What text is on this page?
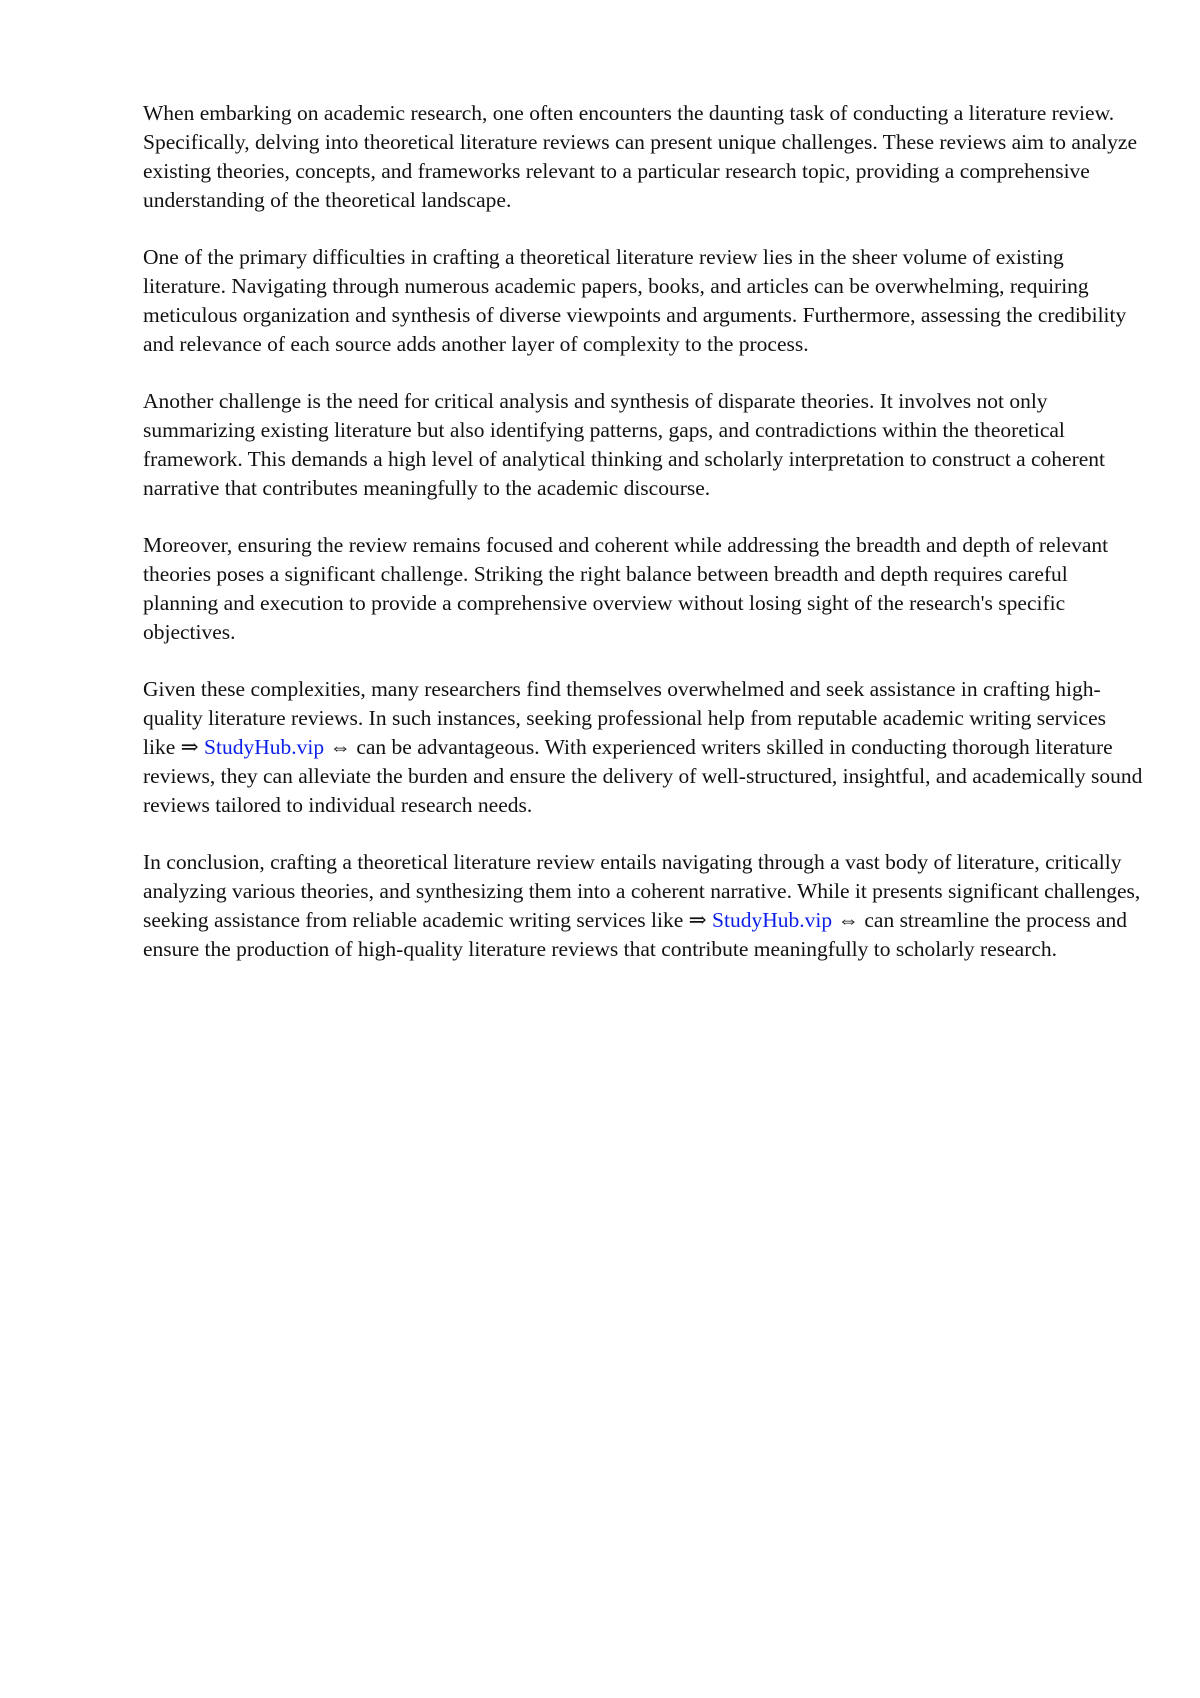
When embarking on academic research, one often encounters the daunting task of conducting a literature review. Specifically, delving into theoretical literature reviews can present unique challenges. These reviews aim to analyze existing theories, concepts, and frameworks relevant to a particular research topic, providing a comprehensive understanding of the theoretical landscape.

One of the primary difficulties in crafting a theoretical literature review lies in the sheer volume of existing literature. Navigating through numerous academic papers, books, and articles can be overwhelming, requiring meticulous organization and synthesis of diverse viewpoints and arguments. Furthermore, assessing the credibility and relevance of each source adds another layer of complexity to the process.

Another challenge is the need for critical analysis and synthesis of disparate theories. It involves not only summarizing existing literature but also identifying patterns, gaps, and contradictions within the theoretical framework. This demands a high level of analytical thinking and scholarly interpretation to construct a coherent narrative that contributes meaningfully to the academic discourse.

Moreover, ensuring the review remains focused and coherent while addressing the breadth and depth of relevant theories poses a significant challenge. Striking the right balance between breadth and depth requires careful planning and execution to provide a comprehensive overview without losing sight of the research's specific objectives.

Given these complexities, many researchers find themselves overwhelmed and seek assistance in crafting high-quality literature reviews. In such instances, seeking professional help from reputable academic writing services like ⇒ StudyHub.vip ⇔ can be advantageous. With experienced writers skilled in conducting thorough literature reviews, they can alleviate the burden and ensure the delivery of well-structured, insightful, and academically sound reviews tailored to individual research needs.

In conclusion, crafting a theoretical literature review entails navigating through a vast body of literature, critically analyzing various theories, and synthesizing them into a coherent narrative. While it presents significant challenges, seeking assistance from reliable academic writing services like ⇒ StudyHub.vip ⇔ can streamline the process and ensure the production of high-quality literature reviews that contribute meaningfully to scholarly research.
